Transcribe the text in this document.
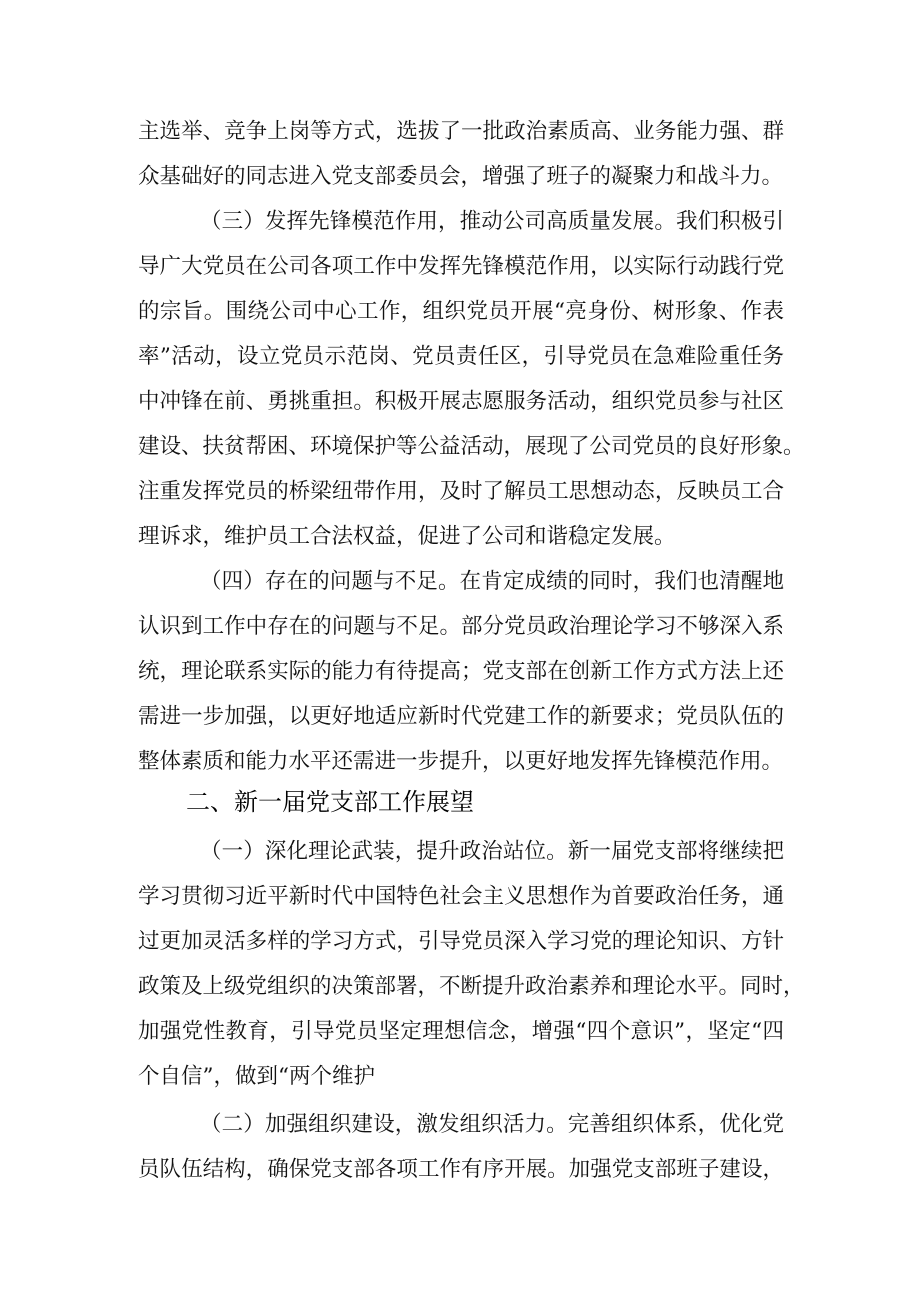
主选举、竞争上岗等方式，选拔了一批政治素质高、业务能力强、群
众基础好的同志进入党支部委员会，增强了班子的凝聚力和战斗力。
（三）发挥先锋模范作用，推动公司高质量发展。我们积极引
导广大党员在公司各项工作中发挥先锋模范作用，以实际行动践行党
的宗旨。围绕公司中心工作，组织党员开展“亮身份、树形象、作表
率”活动，设立党员示范岗、党员责任区，引导党员在急难险重任务
中冲锋在前、勇挑重担。积极开展志愿服务活动，组织党员参与社区
建设、扶贫帮困、环境保护等公益活动，展现了公司党员的良好形象。
注重发挥党员的桥梁纽带作用，及时了解员工思想动态，反映员工合
理诉求，维护员工合法权益，促进了公司和谐稳定发展。
（四）存在的问题与不足。在肯定成绩的同时，我们也清醒地
认识到工作中存在的问题与不足。部分党员政治理论学习不够深入系
统，理论联系实际的能力有待提高；党支部在创新工作方式方法上还
需进一步加强，以更好地适应新时代党建工作的新要求；党员队伍的
整体素质和能力水平还需进一步提升，以更好地发挥先锋模范作用。
二、新一届党支部工作展望
（一）深化理论武装，提升政治站位。新一届党支部将继续把
学习贯彻习近平新时代中国特色社会主义思想作为首要政治任务，通
过更加灵活多样的学习方式，引导党员深入学习党的理论知识、方针
政策及上级党组织的决策部署，不断提升政治素养和理论水平。同时，
加强党性教育，引导党员坚定理想信念，增强“四个意识”，坚定“四
个自信”，做到“两个维护
（二）加强组织建设，激发组织活力。完善组织体系，优化党
员队伍结构，确保党支部各项工作有序开展。加强党支部班子建设，
